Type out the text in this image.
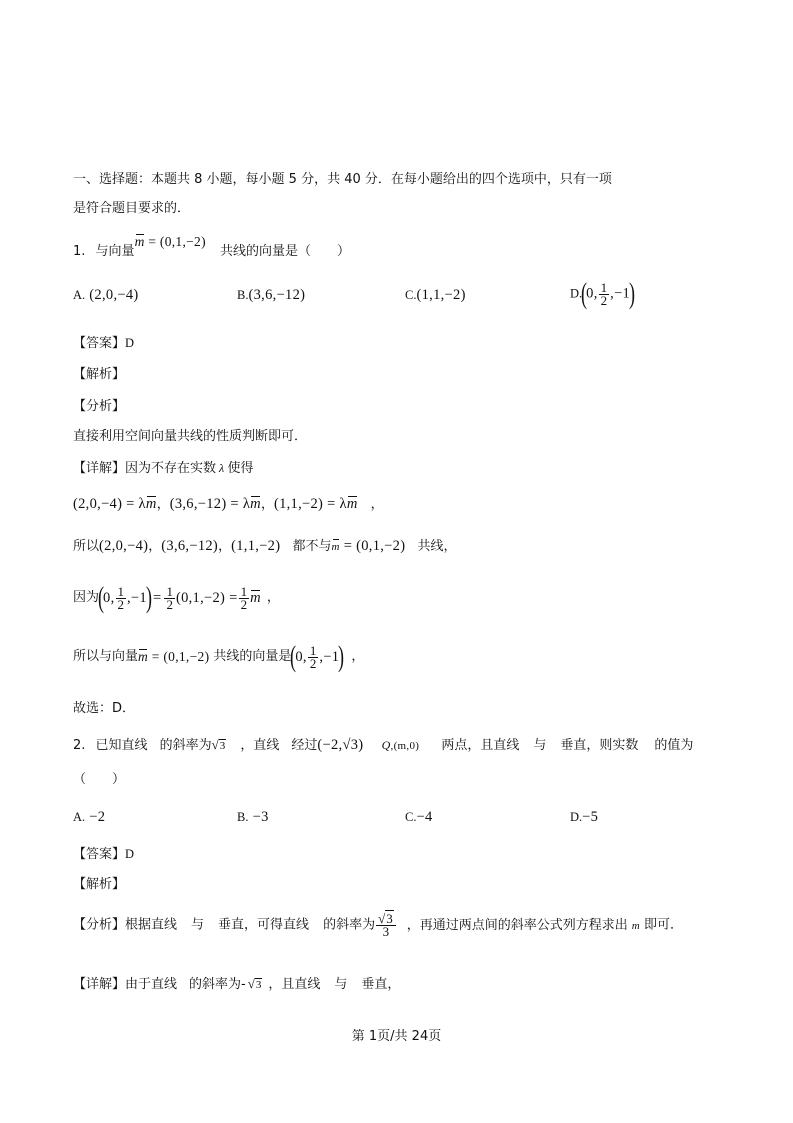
一、选择题：本题共 8 小题，每小题 5 分，共 40 分．在每小题给出的四个选项中，只有一项
是符合题目要求的．
1. 与向量m = (0,1,−2) 共线的向量是（　　）
A. (2,0,−4)	B.(3,6,−12)	C.(1,1,−2)	D.(0, $\frac{1}{2} ,-1$)
【答案】D
【解析】
【分析】
直接利用空间向量共线的性质判断即可．
【详解】因为不存在实数 λ 使得
(2,0,−4) = λm，(3,6,−12) = λm，(1,1,−2) = λm　，
所以(2,0,−4)，(3,6,−12)，(1,1,−2) 都不与m = (0,1,−2) 共线，
因为(0, $\frac{1}{2} ,-1)= \frac{1}{2} (0,1,-2) = \frac{1}{2}$ m ，
所以与向量m = (0,1,−2) 共线的向量是(0, $\frac{1}{2} ,-1$) ，
故选：D．
2. 已知直线 的斜率为√3 ，直线 经过(−2,√3) Q,(m,0) 两点，且直线 与 垂直，则实数 的值为
（　　）
A. −2	B. −3	C.−4	D.−5
【答案】D
【解析】
【分析】根据直线 与 垂直，可得直线 的斜率为 $\frac{√3}{3}$ ，再通过两点间的斜率公式列方程求出 m 即可．
【详解】由于直线 的斜率为- √3 ，且直线 与 垂直，
第 1页/共 24页
